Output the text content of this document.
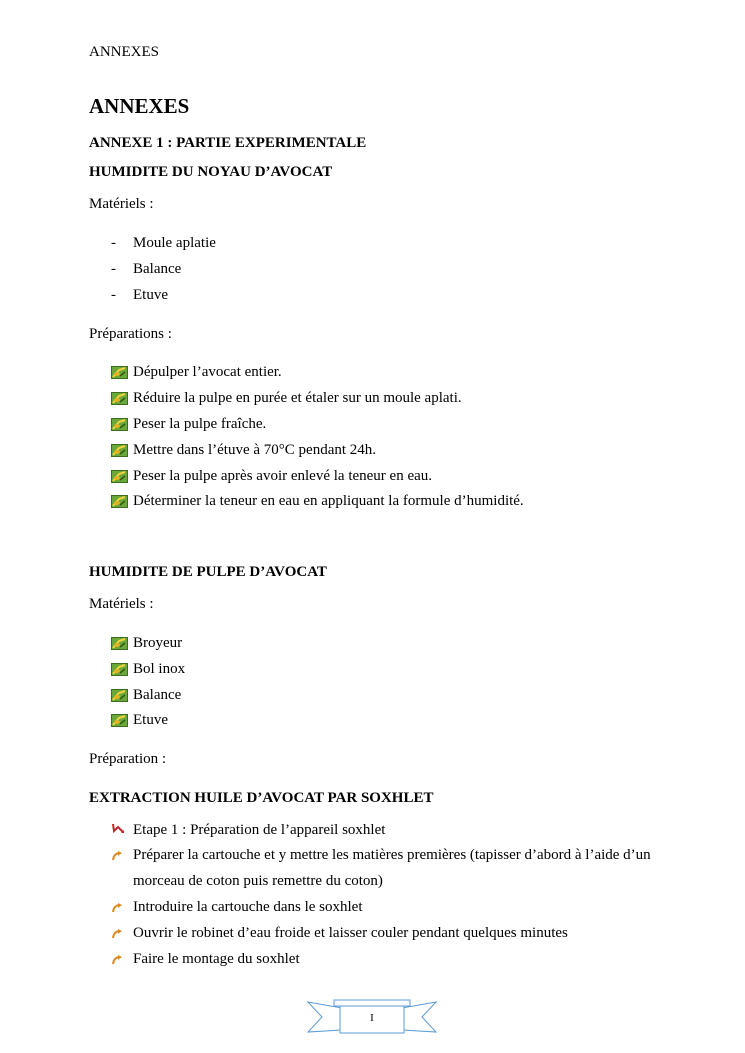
ANNEXES
ANNEXES
ANNEXE 1 : PARTIE EXPERIMENTALE
HUMIDITE DU NOYAU D’AVOCAT
Matériels :
- Moule aplatie
- Balance
- Etuve
Préparations :
Dépulper l’avocat entier.
Réduire la pulpe en purée et étaler sur un moule aplati.
Peser la pulpe fraîche.
Mettre dans l’étuve à 70°C pendant 24h.
Peser la pulpe après avoir enlevé la teneur en eau.
Déterminer la teneur en eau en appliquant la formule d’humidité.
HUMIDITE DE PULPE D’AVOCAT
Matériels :
Broyeur
Bol inox
Balance
Etuve
Préparation :
EXTRACTION HUILE D’AVOCAT PAR SOXHLET
Etape 1 : Préparation de l’appareil soxhlet
Préparer la cartouche et y mettre les matières premières (tapisser d’abord à l’aide d’un morceau de coton puis remettre du coton)
Introduire la cartouche dans le soxhlet
Ouvrir le robinet d’eau froide et laisser couler pendant quelques minutes
Faire le montage du soxhlet
I
